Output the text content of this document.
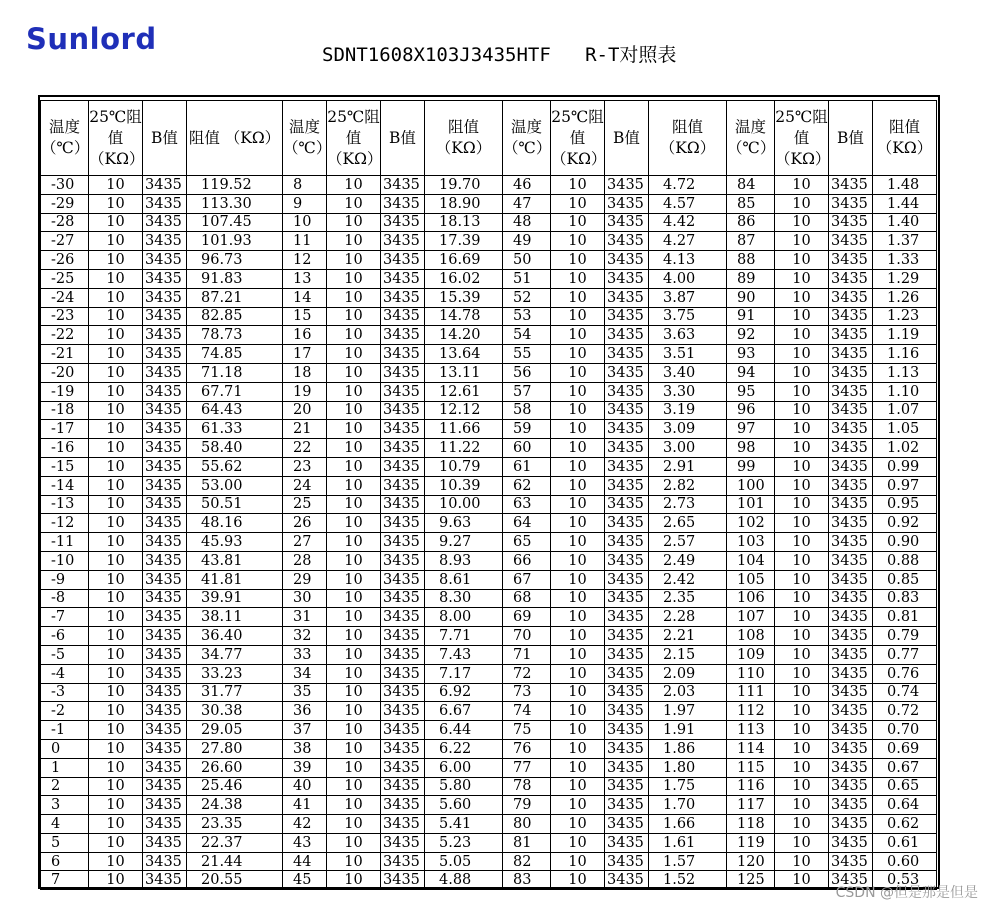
Sunlord	SDNT1608X103J3435HTF   R-T对照表
温度（℃）	25℃阻值（KΩ）	B值	阻值 （KΩ）	温度（℃）	25℃阻值（KΩ）	B值	阻值（KΩ）	温度（℃）	25℃阻值（KΩ）	B值	阻值（KΩ）	温度（℃）	25℃阻值（KΩ）	B值	阻值（KΩ）
-30	10	3435	119.52	8	10	3435	19.70	46	10	3435	4.72	84	10	3435	1.48
-29	10	3435	113.30	9	10	3435	18.90	47	10	3435	4.57	85	10	3435	1.44
-28	10	3435	107.45	10	10	3435	18.13	48	10	3435	4.42	86	10	3435	1.40
-27	10	3435	101.93	11	10	3435	17.39	49	10	3435	4.27	87	10	3435	1.37
-26	10	3435	96.73	12	10	3435	16.69	50	10	3435	4.13	88	10	3435	1.33
-25	10	3435	91.83	13	10	3435	16.02	51	10	3435	4.00	89	10	3435	1.29
-24	10	3435	87.21	14	10	3435	15.39	52	10	3435	3.87	90	10	3435	1.26
-23	10	3435	82.85	15	10	3435	14.78	53	10	3435	3.75	91	10	3435	1.23
-22	10	3435	78.73	16	10	3435	14.20	54	10	3435	3.63	92	10	3435	1.19
-21	10	3435	74.85	17	10	3435	13.64	55	10	3435	3.51	93	10	3435	1.16
-20	10	3435	71.18	18	10	3435	13.11	56	10	3435	3.40	94	10	3435	1.13
-19	10	3435	67.71	19	10	3435	12.61	57	10	3435	3.30	95	10	3435	1.10
-18	10	3435	64.43	20	10	3435	12.12	58	10	3435	3.19	96	10	3435	1.07
-17	10	3435	61.33	21	10	3435	11.66	59	10	3435	3.09	97	10	3435	1.05
-16	10	3435	58.40	22	10	3435	11.22	60	10	3435	3.00	98	10	3435	1.02
-15	10	3435	55.62	23	10	3435	10.79	61	10	3435	2.91	99	10	3435	0.99
-14	10	3435	53.00	24	10	3435	10.39	62	10	3435	2.82	100	10	3435	0.97
-13	10	3435	50.51	25	10	3435	10.00	63	10	3435	2.73	101	10	3435	0.95
-12	10	3435	48.16	26	10	3435	9.63	64	10	3435	2.65	102	10	3435	0.92
-11	10	3435	45.93	27	10	3435	9.27	65	10	3435	2.57	103	10	3435	0.90
-10	10	3435	43.81	28	10	3435	8.93	66	10	3435	2.49	104	10	3435	0.88
-9	10	3435	41.81	29	10	3435	8.61	67	10	3435	2.42	105	10	3435	0.85
-8	10	3435	39.91	30	10	3435	8.30	68	10	3435	2.35	106	10	3435	0.83
-7	10	3435	38.11	31	10	3435	8.00	69	10	3435	2.28	107	10	3435	0.81
-6	10	3435	36.40	32	10	3435	7.71	70	10	3435	2.21	108	10	3435	0.79
-5	10	3435	34.77	33	10	3435	7.43	71	10	3435	2.15	109	10	3435	0.77
-4	10	3435	33.23	34	10	3435	7.17	72	10	3435	2.09	110	10	3435	0.76
-3	10	3435	31.77	35	10	3435	6.92	73	10	3435	2.03	111	10	3435	0.74
-2	10	3435	30.38	36	10	3435	6.67	74	10	3435	1.97	112	10	3435	0.72
-1	10	3435	29.05	37	10	3435	6.44	75	10	3435	1.91	113	10	3435	0.70
0	10	3435	27.80	38	10	3435	6.22	76	10	3435	1.86	114	10	3435	0.69
1	10	3435	26.60	39	10	3435	6.00	77	10	3435	1.80	115	10	3435	0.67
2	10	3435	25.46	40	10	3435	5.80	78	10	3435	1.75	116	10	3435	0.65
3	10	3435	24.38	41	10	3435	5.60	79	10	3435	1.70	117	10	3435	0.64
4	10	3435	23.35	42	10	3435	5.41	80	10	3435	1.66	118	10	3435	0.62
5	10	3435	22.37	43	10	3435	5.23	81	10	3435	1.61	119	10	3435	0.61
6	10	3435	21.44	44	10	3435	5.05	82	10	3435	1.57	120	10	3435	0.60
7	10	3435	20.55	45	10	3435	4.88	83	10	3435	1.52	125	10	3435	0.53
CSDN @但是那是但是
